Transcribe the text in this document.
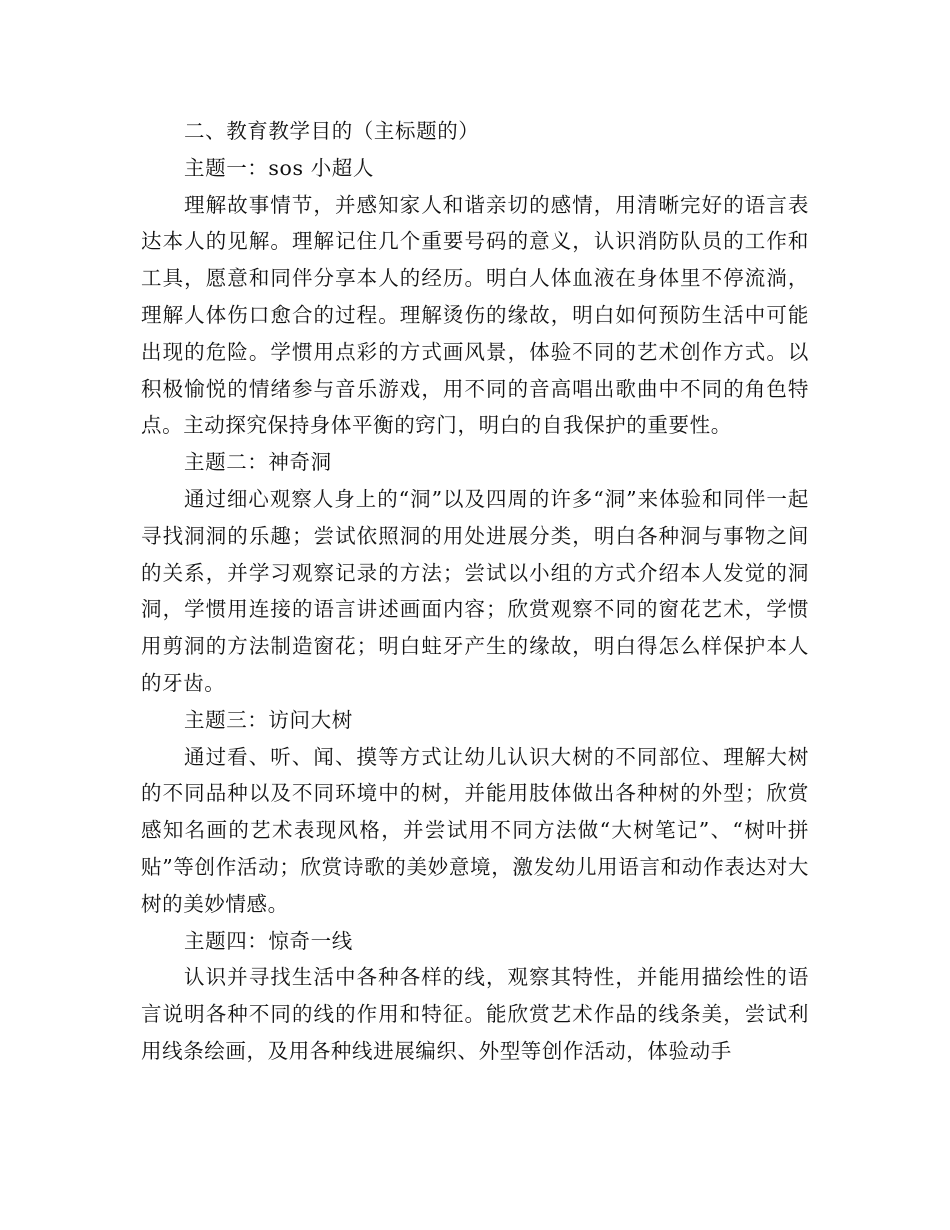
二、教育教学目的（主标题的）

主题一：sos 小超人

理解故事情节，并感知家人和谐亲切的感情，用清晰完好的语言表达本人的见解。理解记住几个重要号码的意义，认识消防队员的工作和工具，愿意和同伴分享本人的经历。明白人体血液在身体里不停流淌，理解人体伤口愈合的过程。理解烫伤的缘故，明白如何预防生活中可能出现的危险。学惯用点彩的方式画风景，体验不同的艺术创作方式。以积极愉悦的情绪参与音乐游戏，用不同的音高唱出歌曲中不同的角色特点。主动探究保持身体平衡的窍门，明白的自我保护的重要性。

主题二：神奇洞

通过细心观察人身上的“洞”以及四周的许多“洞”来体验和同伴一起寻找洞洞的乐趣；尝试依照洞的用处进展分类，明白各种洞与事物之间的关系，并学习观察记录的方法；尝试以小组的方式介绍本人发觉的洞洞，学惯用连接的语言讲述画面内容；欣赏观察不同的窗花艺术，学惯用剪洞的方法制造窗花；明白蛀牙产生的缘故，明白得怎么样保护本人的牙齿。

主题三：访问大树

通过看、听、闻、摸等方式让幼儿认识大树的不同部位、理解大树的不同品种以及不同环境中的树，并能用肢体做出各种树的外型；欣赏感知名画的艺术表现风格，并尝试用不同方法做“大树笔记”、“树叶拼贴”等创作活动；欣赏诗歌的美妙意境，激发幼儿用语言和动作表达对大树的美妙情感。

主题四：惊奇一线

认识并寻找生活中各种各样的线，观察其特性，并能用描绘性的语言说明各种不同的线的作用和特征。能欣赏艺术作品的线条美，尝试利用线条绘画，及用各种线进展编织、外型等创作活动，体验动手
